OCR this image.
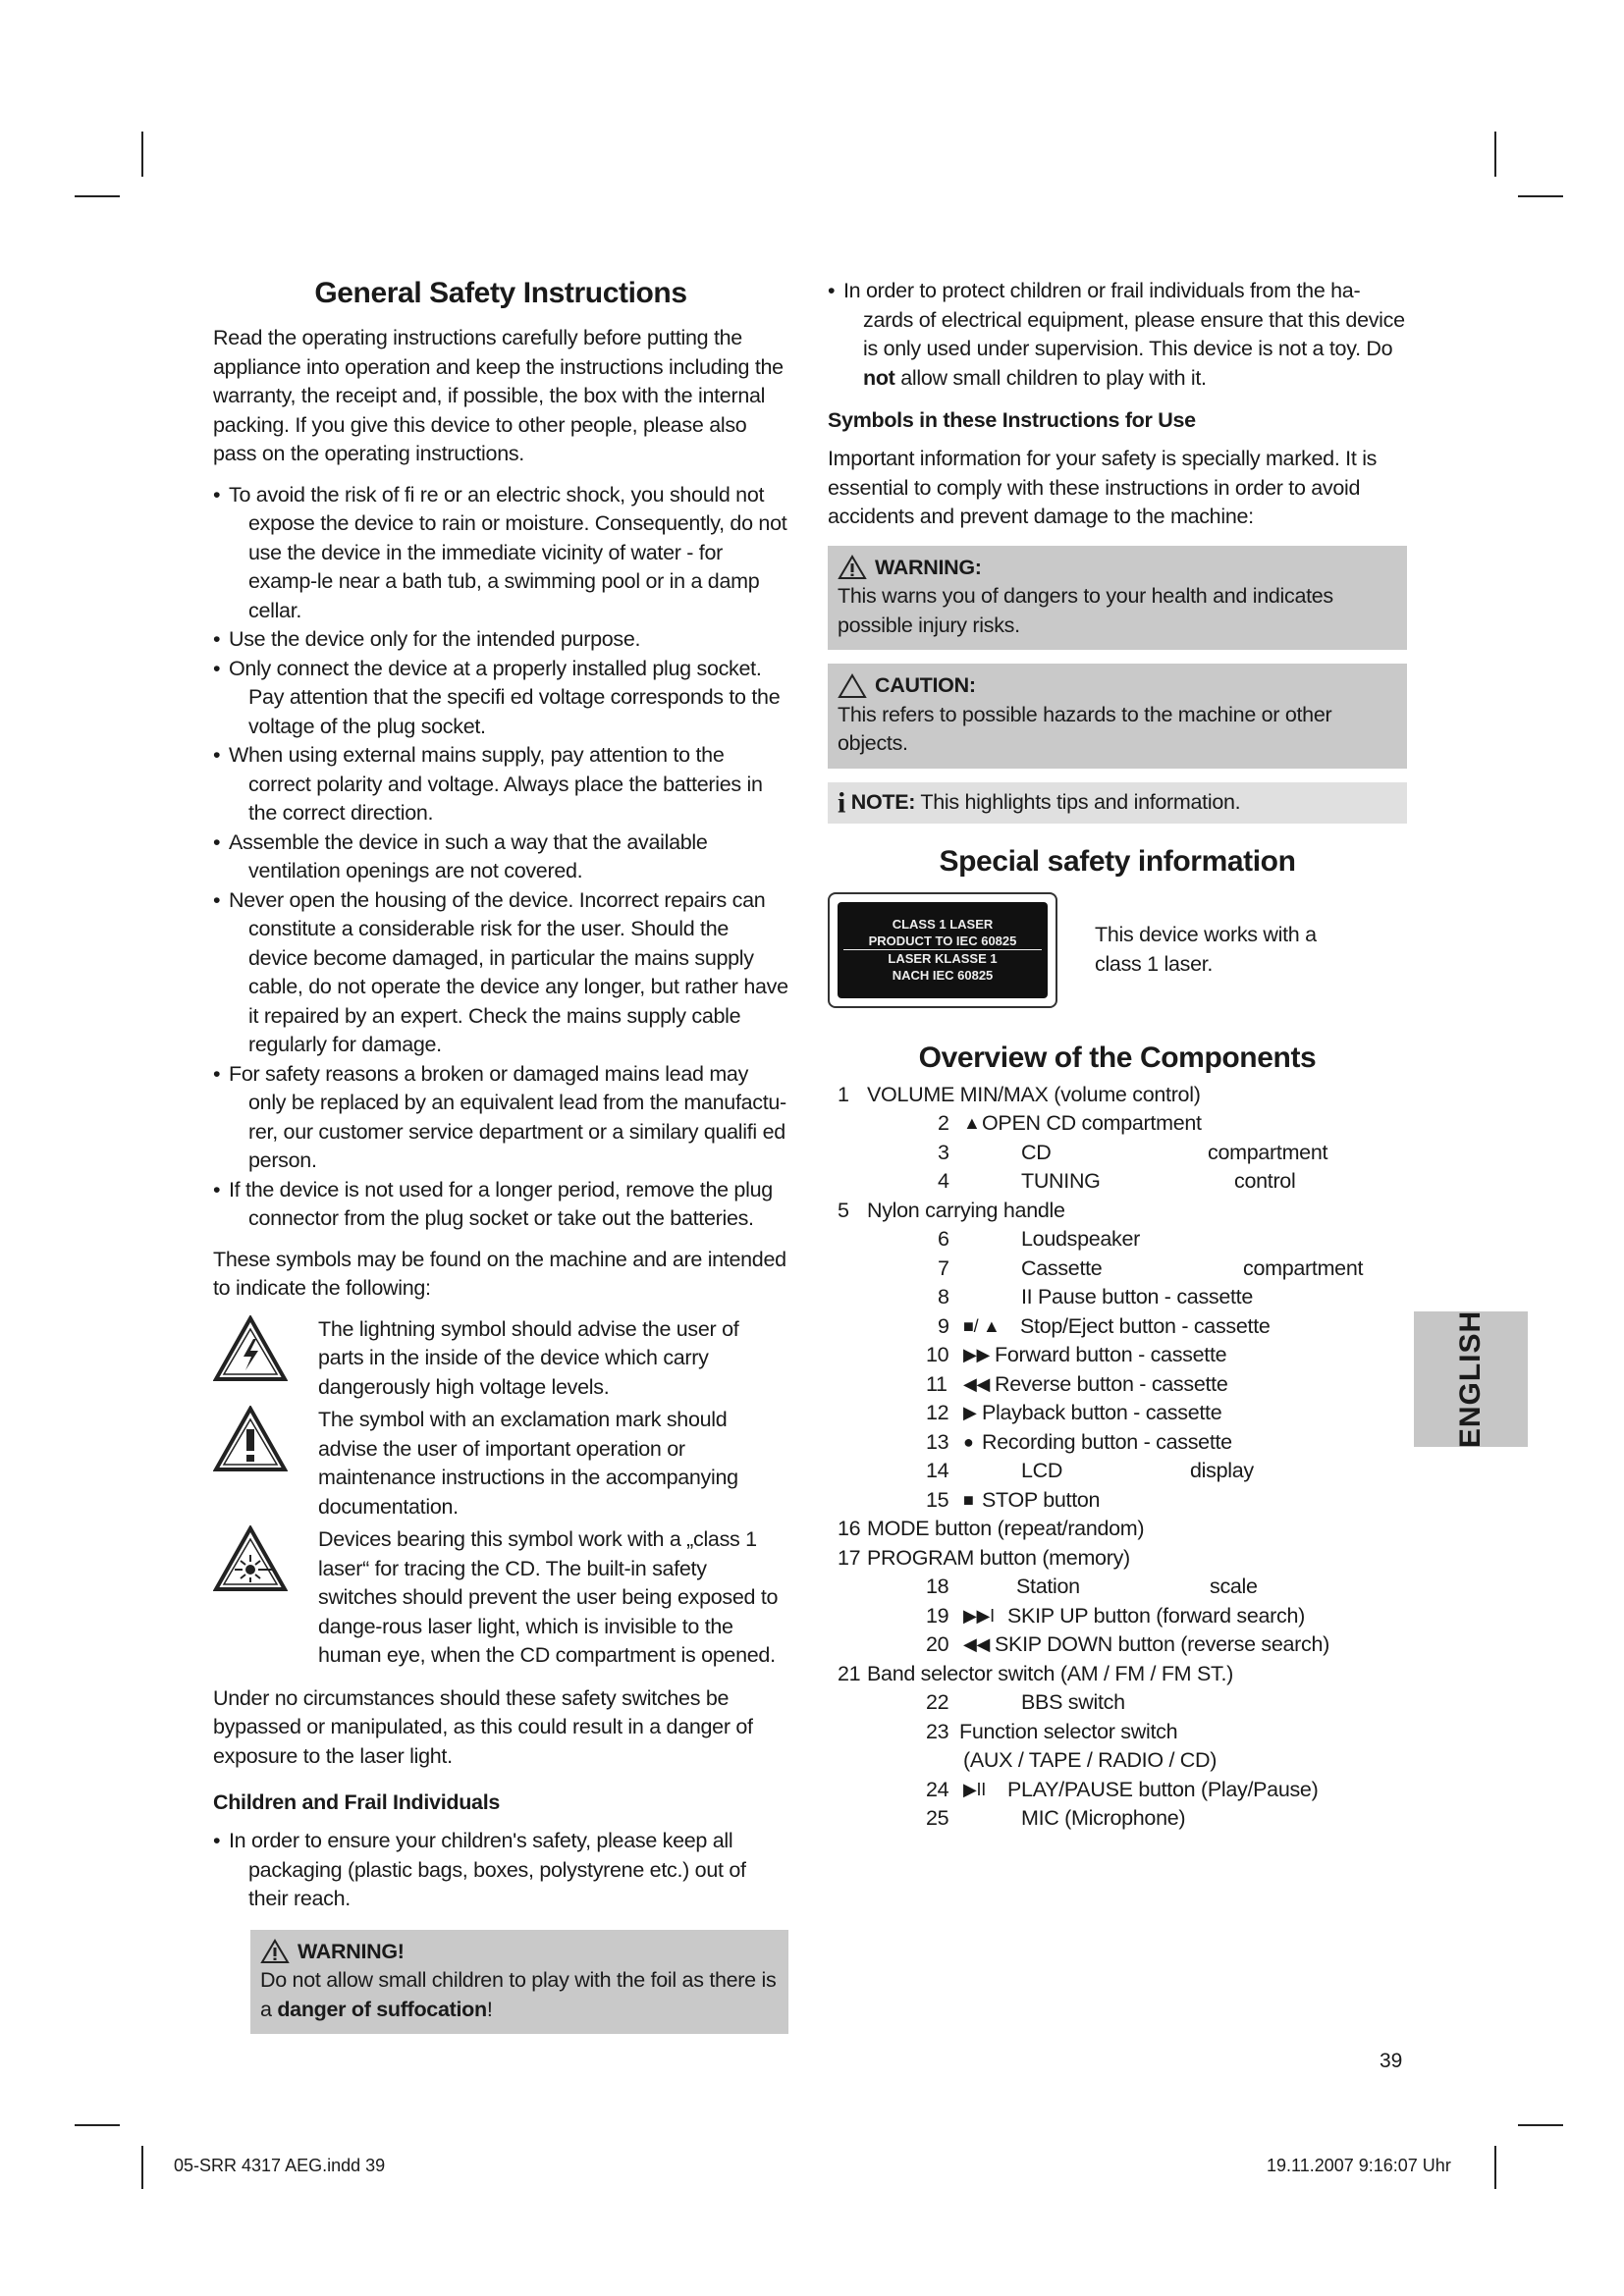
General Safety Instructions

Read the operating instructions carefully before putting the appliance into operation and keep the instructions including the warranty, the receipt and, if possible, the box with the internal packing. If you give this device to other people, please also pass on the operating instructions.

• To avoid the risk of fi re or an electric shock, you should not expose the device to rain or moisture. Consequently, do not use the device in the immediate vicinity of water - for examp-le near a bath tub, a swimming pool or in a damp cellar.
• Use the device only for the intended purpose.
• Only connect the device at a properly installed plug socket. Pay attention that the specifi ed voltage corresponds to the voltage of the plug socket.
• When using external mains supply, pay attention to the correct polarity and voltage. Always place the batteries in the correct direction.
• Assemble the device in such a way that the available ventilation openings are not covered.
• Never open the housing of the device. Incorrect repairs can constitute a considerable risk for the user. Should the device become damaged, in particular the mains supply cable, do not operate the device any longer, but rather have it repaired by an expert. Check the mains supply cable regularly for damage.
• For safety reasons a broken or damaged mains lead may only be replaced by an equivalent lead from the manufactu-rer, our customer service department or a similary qualifi ed person.
• If the device is not used for a longer period, remove the plug connector from the plug socket or take out the batteries.

These symbols may be found on the machine and are intended to indicate the following:

The lightning symbol should advise the user of parts in the inside of the device which carry dangerously high voltage levels.
The symbol with an exclamation mark should advise the user of important operation or maintenance instructions in the accompanying documentation.
Devices bearing this symbol work with a „class 1 laser“ for tracing the CD. The built-in safety switches should prevent the user being exposed to dange-rous laser light, which is invisible to the human eye, when the CD compartment is opened.

Under no circumstances should these safety switches be bypassed or manipulated, as this could result in a danger of exposure to the laser light.

Children and Frail Individuals
• In order to ensure your children's safety, please keep all packaging (plastic bags, boxes, polystyrene etc.) out of their reach.
WARNING!
Do not allow small children to play with the foil as there is a danger of suffocation!
• In order to protect children or frail individuals from the ha-zards of electrical equipment, please ensure that this device is only used under supervision. This device is not a toy. Do not allow small children to play with it.
Symbols in these Instructions for Use

Important information for your safety is specially marked. It is essential to comply with these instructions in order to avoid accidents and prevent damage to the machine:

WARNING:
This warns you of dangers to your health and indicates possible injury risks.
CAUTION:
This refers to possible hazards to the machine or other objects.
i NOTE: This highlights tips and information.
Special safety information
CLASS 1 LASER
PRODUCT TO IEC 60825
LASER KLASSE 1
NACH IEC 60825
This device works with a class 1 laser.
Overview of the Components
1 VOLUME MIN/MAX (volume control)
2 ▲ OPEN CD compartment
3	CD	compartment
4	TUNING	control
5 Nylon carrying handle
6	Loudspeaker
7	Cassette	compartment
8	II Pause button - cassette
9 ■/ ▲ Stop/Eject button - cassette
10 ▶▶ Forward button - cassette
11 ◀◀ Reverse button - cassette
12 ▶ Playback button - cassette
13 ● Recording button - cassette
14	LCD	display
15 ■ STOP button
16 MODE button (repeat/random)
17 PROGRAM button (memory)
18	Station	scale
19 ▶▶I SKIP UP button (forward search)
20 ◀◀ SKIP DOWN button (reverse search)
21 Band selector switch (AM / FM / FM ST.)
22	BBS switch
23 Function selector switch
(AUX / TAPE / RADIO / CD)
24 ▶II PLAY/PAUSE button (Play/Pause)
25	MIC (Microphone)
ENGLISH
39
05-SRR 4317 AEG.indd 39	19.11.2007 9:16:07 Uhr
